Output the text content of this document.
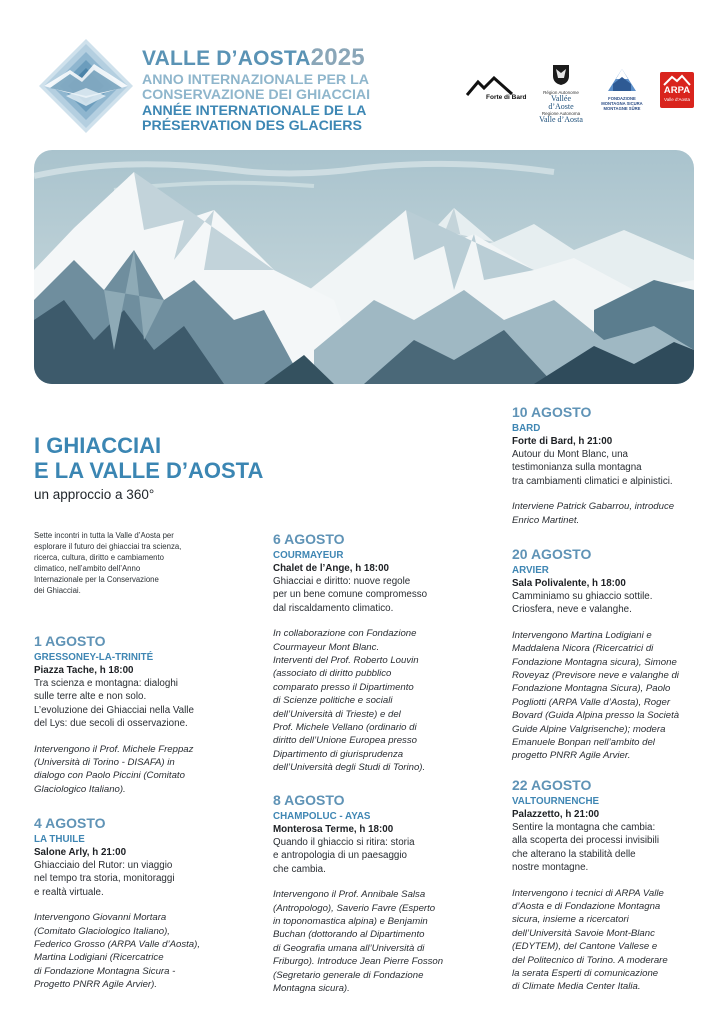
VALLE D’AOSTA2025
ANNO INTERNAZIONALE PER LA
CONSERVAZIONE DEI GHIACCIAI
ANNÉE INTERNATIONALE DE LA
PRÉSERVATION DES GLACIERS
Forte di Bard
Région Autonome
Vallée d’Aoste
Regione Autonoma
Valle d’Aosta
FONDAZIONE
MONTAGNA SICURA
MONTAGNE SÛRE
ARPA
Valle d’Aosta
I GHIACCIAI
E LA VALLE D’AOSTA
un approccio a 360°
Sette incontri in tutta la Valle d’Aosta per
esplorare il futuro dei ghiacciai tra scienza,
ricerca, cultura, diritto e cambiamento
climatico, nell’ambito dell’Anno
Internazionale per la Conservazione
dei Ghiacciai.
1 AGOSTO
GRESSONEY-LA-TRINITÉ
Piazza Tache, h 18:00
Tra scienza e montagna: dialoghi
sulle terre alte e non solo.
L’evoluzione dei Ghiacciai nella Valle
del Lys: due secoli di osservazione.
Intervengono il Prof. Michele Freppaz
(Università di Torino - DISAFA) in
dialogo con Paolo Piccini (Comitato
Glaciologico Italiano).
4 AGOSTO
LA THUILE
Salone Arly, h 21:00
Ghiacciaio del Rutor: un viaggio
nel tempo tra storia, monitoraggi
e realtà virtuale.
Intervengono Giovanni Mortara
(Comitato Glaciologico Italiano),
Federico Grosso (ARPA Valle d’Aosta),
Martina Lodigiani (Ricercatrice
di Fondazione Montagna Sicura -
Progetto PNRR Agile Arvier).
6 AGOSTO
COURMAYEUR
Chalet de l’Ange, h 18:00
Ghiacciai e diritto: nuove regole
per un bene comune compromesso
dal riscaldamento climatico.
In collaborazione con Fondazione
Courmayeur Mont Blanc.
Interventi del Prof. Roberto Louvin
(associato di diritto pubblico
comparato presso il Dipartimento
di Scienze politiche e sociali
dell’Università di Trieste) e del
Prof. Michele Vellano (ordinario di
diritto dell’Unione Europea presso
Dipartimento di giurisprudenza
dell’Università degli Studi di Torino).
8 AGOSTO
CHAMPOLUC - AYAS
Monterosa Terme, h 18:00
Quando il ghiaccio si ritira: storia
e antropologia di un paesaggio
che cambia.
Intervengono il Prof. Annibale Salsa
(Antropologo), Saverio Favre (Esperto
in toponomastica alpina) e Benjamin
Buchan (dottorando al Dipartimento
di Geografia umana all’Università di
Friburgo). Introduce Jean Pierre Fosson
(Segretario generale di Fondazione
Montagna sicura).
10 AGOSTO
BARD
Forte di Bard, h 21:00
Autour du Mont Blanc, una
testimonianza sulla montagna
tra cambiamenti climatici e alpinistici.
Interviene Patrick Gabarrou, introduce
Enrico Martinet.
20 AGOSTO
ARVIER
Sala Polivalente, h 18:00
Camminiamo su ghiaccio sottile.
Criosfera, neve e valanghe.
Intervengono Martina Lodigiani e
Maddalena Nicora (Ricercatrici di
Fondazione Montagna sicura), Simone
Roveyaz (Previsore neve e valanghe di
Fondazione Montagna Sicura), Paolo
Pogliotti (ARPA Valle d’Aosta), Roger
Bovard (Guida Alpina presso la Società
Guide Alpine Valgrisenche); modera
Emanuele Bonpan nell’ambito del
progetto PNRR Agile Arvier.
22 AGOSTO
VALTOURNENCHE
Palazzetto, h 21:00
Sentire la montagna che cambia:
alla scoperta dei processi invisibili
che alterano la stabilità delle
nostre montagne.
Intervengono i tecnici di ARPA Valle
d’Aosta e di Fondazione Montagna
sicura, insieme a ricercatori
dell’Università Savoie Mont-Blanc
(EDYTEM), del Cantone Vallese e
del Politecnico di Torino. A moderare
la serata Esperti di comunicazione
di Climate Media Center Italia.
